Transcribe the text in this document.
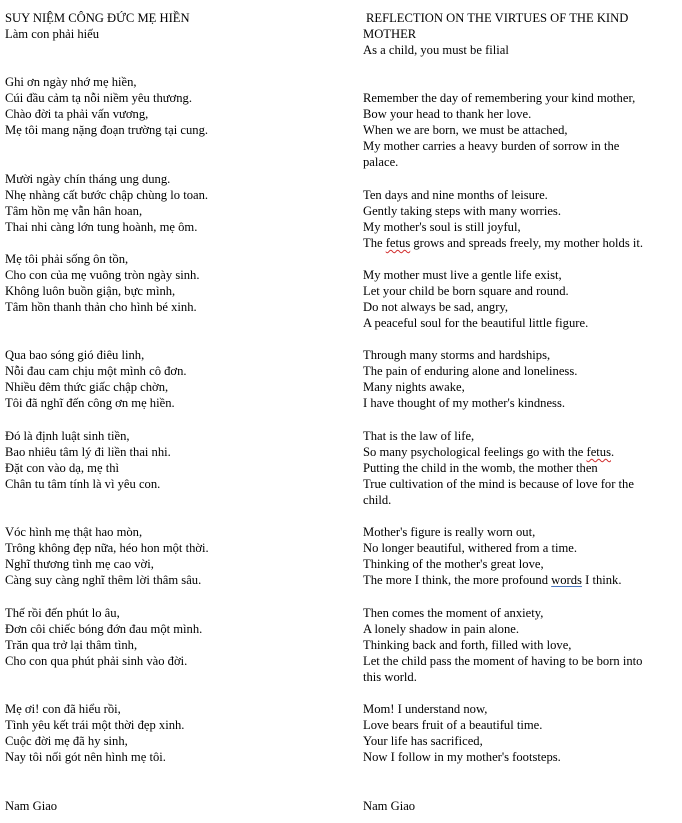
SUY NIỆM CÔNG ĐỨC MẸ HIỀN
Làm con phải hiếu
Ghi ơn ngày nhớ mẹ hiền,
Cúi đầu cảm tạ nỗi niềm yêu thương.
Chào đời ta phải vấn vương,
Mẹ tôi mang nặng đoạn trường tại cung.
Mười ngày chín tháng ung dung.
Nhẹ nhàng cất bước chập chùng lo toan.
Tâm hồn mẹ vẫn hân hoan,
Thai nhi càng lớn tung hoành, mẹ ôm.
Mẹ tôi phải sống ôn tồn,
Cho con của mẹ vuông tròn ngày sinh.
Không luôn buồn giận, bực mình,
Tâm hồn thanh thản cho hình bé xinh.
Qua bao sóng gió điêu linh,
Nỗi đau cam chịu một mình cô đơn.
Nhiều đêm thức giấc chập chờn,
Tôi đã nghĩ đến công ơn mẹ hiền.
Đó là định luật sinh tiền,
Bao nhiêu tâm lý đi liền thai nhi.
Đặt con vào dạ, mẹ thì
Chân tu tâm tính là vì yêu con.
Vóc hình mẹ thật hao mòn,
Trông không đẹp nữa, héo hon một thời.
Nghĩ thương tình mẹ cao vời,
Càng suy càng nghĩ thêm lời thâm sâu.
Thế rồi đến phút lo âu,
Đơn côi chiếc bóng đớn đau một mình.
Trăn qua trở lại thâm tình,
Cho con qua phút phải sinh vào đời.
Mẹ ơi! con đã hiểu rồi,
Tình yêu kết trái một thời đẹp xinh.
Cuộc đời mẹ đã hy sinh,
Nay tôi nối gót nên hình mẹ tôi.
Nam Giao
REFLECTION ON THE VIRTUES OF THE KIND
MOTHER
As a child, you must be filial
Remember the day of remembering your kind mother,
Bow your head to thank her love.
When we are born, we must be attached,
My mother carries a heavy burden of sorrow in the
palace.
Ten days and nine months of leisure.
Gently taking steps with many worries.
My mother's soul is still joyful,
The fetus grows and spreads freely, my mother holds it.
My mother must live a gentle life exist,
Let your child be born square and round.
Do not always be sad, angry,
A peaceful soul for the beautiful little figure.
Through many storms and hardships,
The pain of enduring alone and loneliness.
Many nights awake,
I have thought of my mother's kindness.
That is the law of life,
So many psychological feelings go with the fetus.
Putting the child in the womb, the mother then
True cultivation of the mind is because of love for the
child.
Mother's figure is really worn out,
No longer beautiful, withered from a time.
Thinking of the mother's great love,
The more I think, the more profound words I think.
Then comes the moment of anxiety,
A lonely shadow in pain alone.
Thinking back and forth, filled with love,
Let the child pass the moment of having to be born into
this world.
Mom! I understand now,
Love bears fruit of a beautiful time.
Your life has sacrificed,
Now I follow in my mother's footsteps.
Nam Giao
